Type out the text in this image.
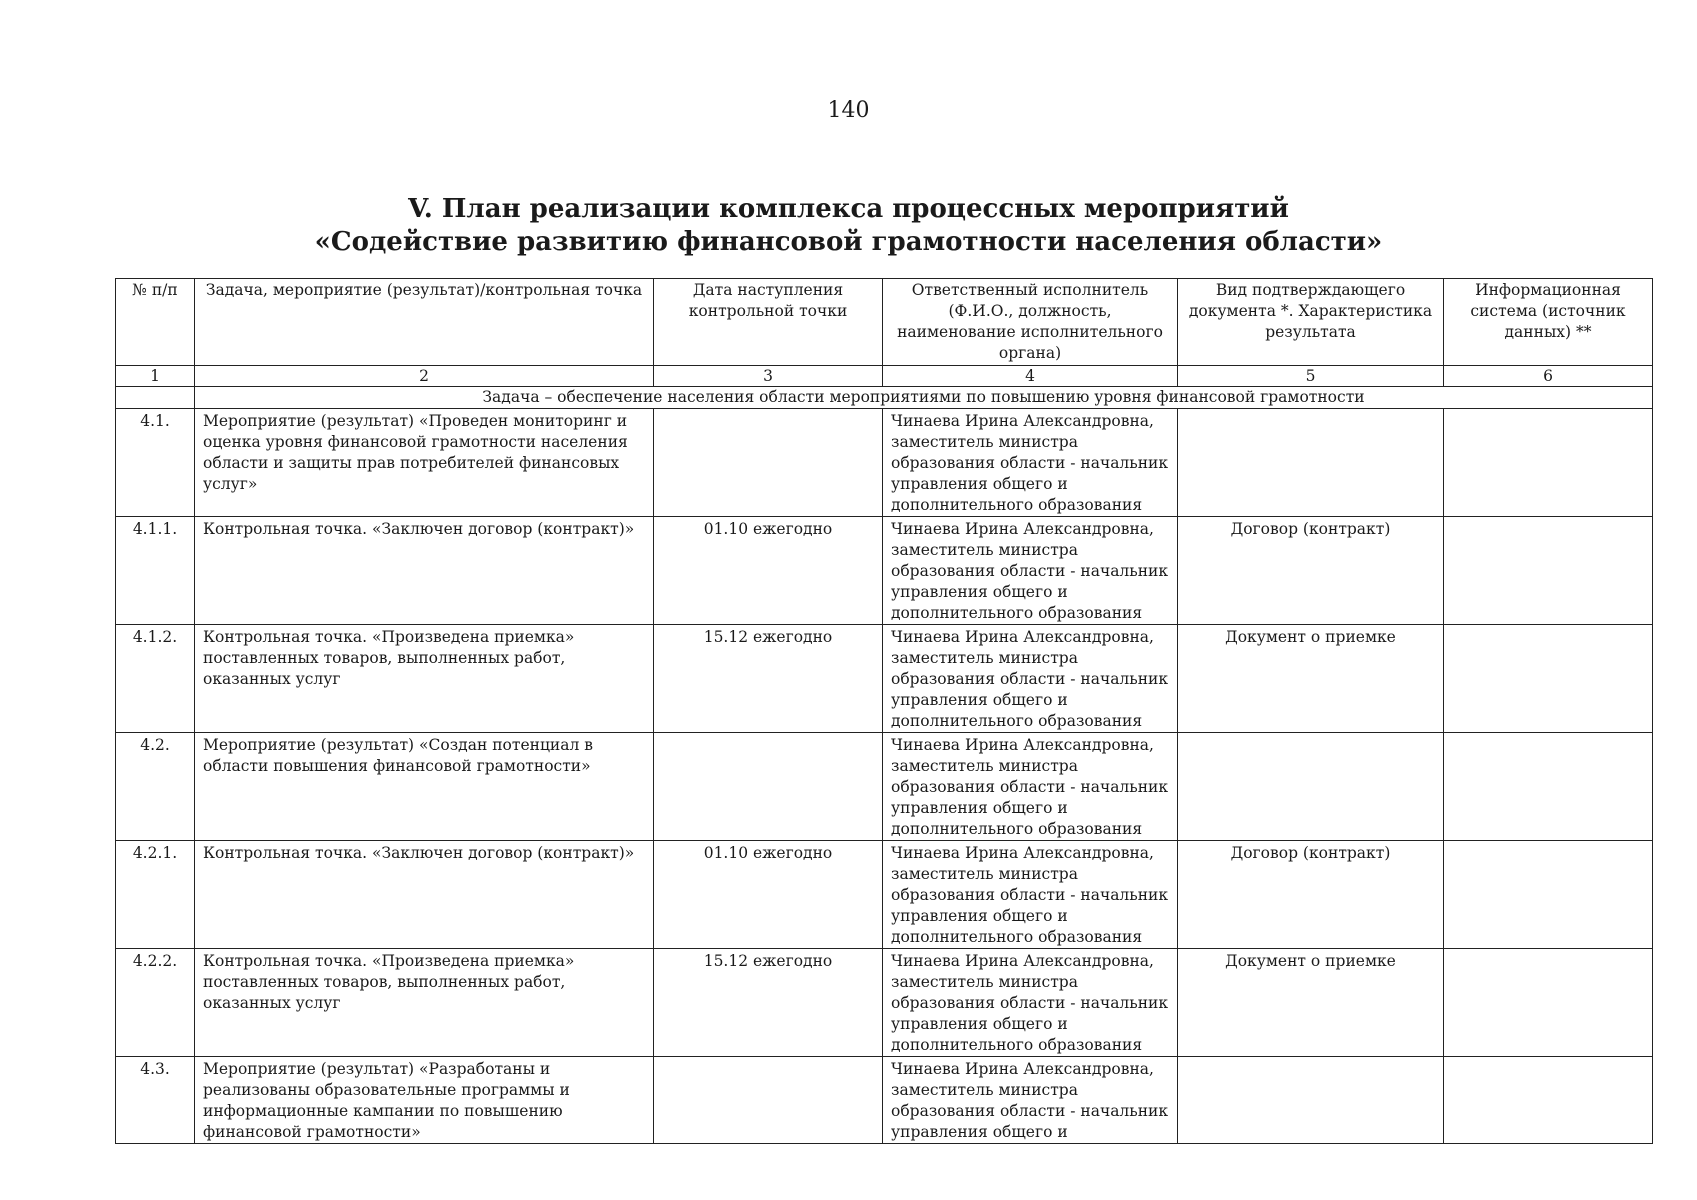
140
V. План реализации комплекса процессных мероприятий
«Содействие развитию финансовой грамотности населения области»
№ п/п	Задача, мероприятие (результат)/контрольная точка	Дата наступления контрольной точки	Ответственный исполнитель (Ф.И.О., должность, наименование исполнительного органа)	Вид подтверждающего документа *. Характеристика результата	Информационная система (источник данных) **
1	2	3	4	5	6
	Задача – обеспечение населения области мероприятиями по повышению уровня финансовой грамотности				
4.1.	Мероприятие (результат) «Проведен мониторинг и оценка уровня финансовой грамотности населения области и защиты прав потребителей финансовых услуг»		Чинаева Ирина Александровна, заместитель министра образования области - начальник управления общего и дополнительного образования		
4.1.1.	Контрольная точка. «Заключен договор (контракт)»	01.10 ежегодно	Чинаева Ирина Александровна, заместитель министра образования области - начальник управления общего и дополнительного образования	Договор (контракт)	
4.1.2.	Контрольная точка. «Произведена приемка» поставленных товаров, выполненных работ, оказанных услуг	15.12 ежегодно	Чинаева Ирина Александровна, заместитель министра образования области - начальник управления общего и дополнительного образования	Документ о приемке	
4.2.	Мероприятие (результат) «Создан потенциал в области повышения финансовой грамотности»		Чинаева Ирина Александровна, заместитель министра образования области - начальник управления общего и дополнительного образования		
4.2.1.	Контрольная точка. «Заключен договор (контракт)»	01.10 ежегодно	Чинаева Ирина Александровна, заместитель министра образования области - начальник управления общего и дополнительного образования	Договор (контракт)	
4.2.2.	Контрольная точка. «Произведена приемка» поставленных товаров, выполненных работ, оказанных услуг	15.12 ежегодно	Чинаева Ирина Александровна, заместитель министра образования области - начальник управления общего и дополнительного образования	Документ о приемке	
4.3.	Мероприятие (результат) «Разработаны и реализованы образовательные программы и информационные кампании по повышению финансовой грамотности»		Чинаева Ирина Александровна, заместитель министра образования области - начальник управления общего и		
